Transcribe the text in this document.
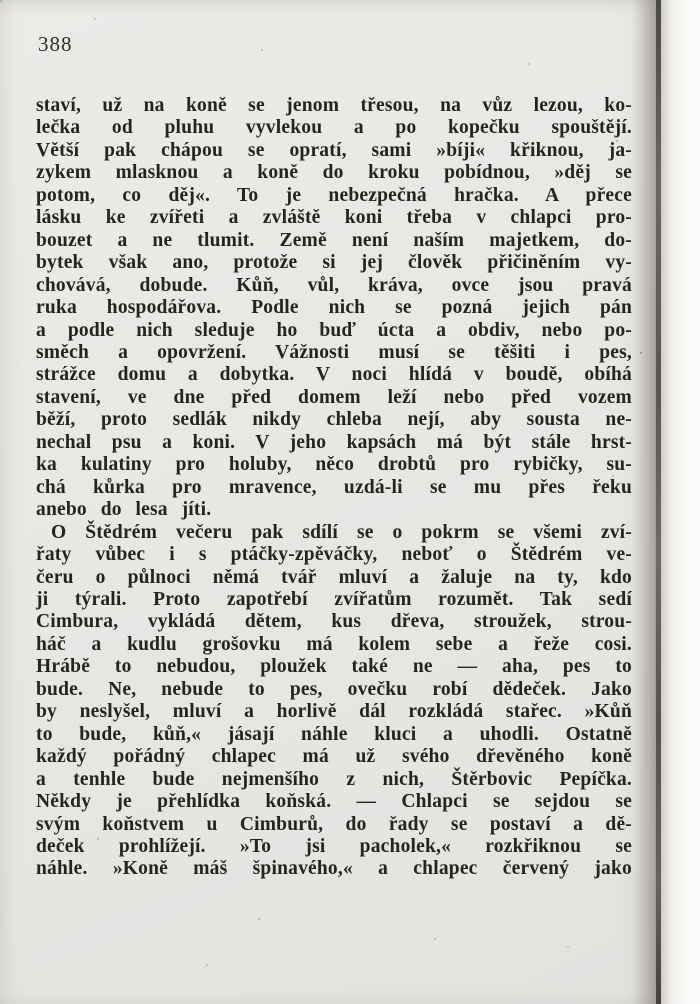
388
staví, už na koně se jenom třesou, na vůz lezou, ko-
lečka od pluhu vyvlekou a po kopečku spouštějí.
Větší pak chápou se opratí, sami »bíji« křiknou, ja-
zykem mlasknou a koně do kroku pobídnou, »děj se
potom, co děj«. To je nebezpečná hračka. A přece
lásku ke zvířeti a zvláště koni třeba v chlapci pro-
bouzet a ne tlumit. Země není naším majetkem, do-
bytek však ano, protože si jej člověk přičiněním vy-
chovává, dobude. Kůň, vůl, kráva, ovce jsou pravá
ruka hospodářova. Podle nich se pozná jejich pán
a podle nich sleduje ho buď úcta a obdiv, nebo po-
směch a opovržení. Vážnosti musí se těšiti i pes,
strážce domu a dobytka. V noci hlídá v boudě, obíhá
stavení, ve dne před domem leží nebo před vozem
běží, proto sedlák nikdy chleba nejí, aby sousta ne-
nechal psu a koni. V jeho kapsách má být stále hrst-
ka kulatiny pro holuby, něco drobtů pro rybičky, su-
chá kůrka pro mravence, uzdá-li se mu přes řeku
anebo do lesa jíti.
O Štědrém večeru pak sdílí se o pokrm se všemi zví-
řaty vůbec i s ptáčky-zpěváčky, neboť o Štědrém ve-
čeru o půlnoci němá tvář mluví a žaluje na ty, kdo
ji týrali. Proto zapotřebí zvířatům rozumět. Tak sedí
Cimbura, vykládá dětem, kus dřeva, stroužek, strou-
háč a kudlu grošovku má kolem sebe a řeže cosi.
Hrábě to nebudou, ploužek také ne — aha, pes to
bude. Ne, nebude to pes, ovečku robí dědeček. Jako
by neslyšel, mluví a horlivě dál rozkládá stařec. »Kůň
to bude, kůň,« jásají náhle kluci a uhodli. Ostatně
každý pořádný chlapec má už svého dřevěného koně
a tenhle bude nejmenšího z nich, Štěrbovic Pepíčka.
Někdy je přehlídka koňská. — Chlapci se sejdou se
svým koňstvem u Cimburů, do řady se postaví a dě-
deček prohlížejí. »To jsi pacholek,« rozkřiknou se
náhle. »Koně máš špinavého,« a chlapec červený jako
